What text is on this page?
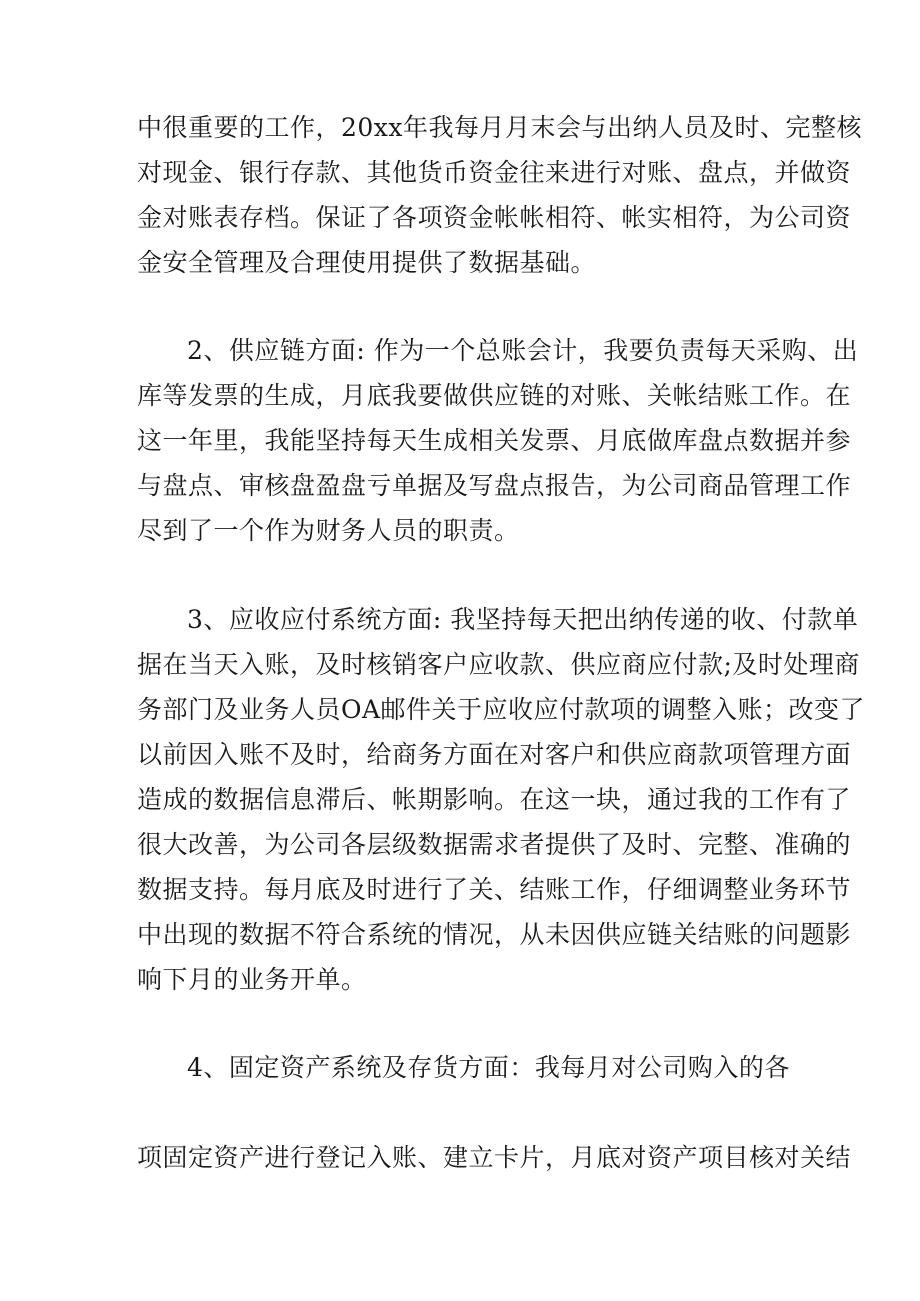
中很重要的工作，20xx年我每月月末会与出纳人员及时、完整核
对现金、银行存款、其他货币资金往来进行对账、盘点，并做资
金对账表存档。保证了各项资金帐帐相符、帐实相符，为公司资
金安全管理及合理使用提供了数据基础。
2、供应链方面: 作为一个总账会计，我要负责每天采购、出
库等发票的生成，月底我要做供应链的对账、关帐结账工作。在
这一年里，我能坚持每天生成相关发票、月底做库盘点数据并参
与盘点、审核盘盈盘亏单据及写盘点报告，为公司商品管理工作
尽到了一个作为财务人员的职责。
3、应收应付系统方面: 我坚持每天把出纳传递的收、付款单
据在当天入账，及时核销客户应收款、供应商应付款;及时处理商
务部门及业务人员OA邮件关于应收应付款项的调整入账；改变了
以前因入账不及时，给商务方面在对客户和供应商款项管理方面
造成的数据信息滞后、帐期影响。在这一块，通过我的工作有了
很大改善，为公司各层级数据需求者提供了及时、完整、准确的
数据支持。每月底及时进行了关、结账工作，仔细调整业务环节
中出现的数据不符合系统的情况，从未因供应链关结账的问题影
响下月的业务开单。
4、固定资产系统及存货方面：我每月对公司购入的各
项固定资产进行登记入账、建立卡片，月底对资产项目核对关结
